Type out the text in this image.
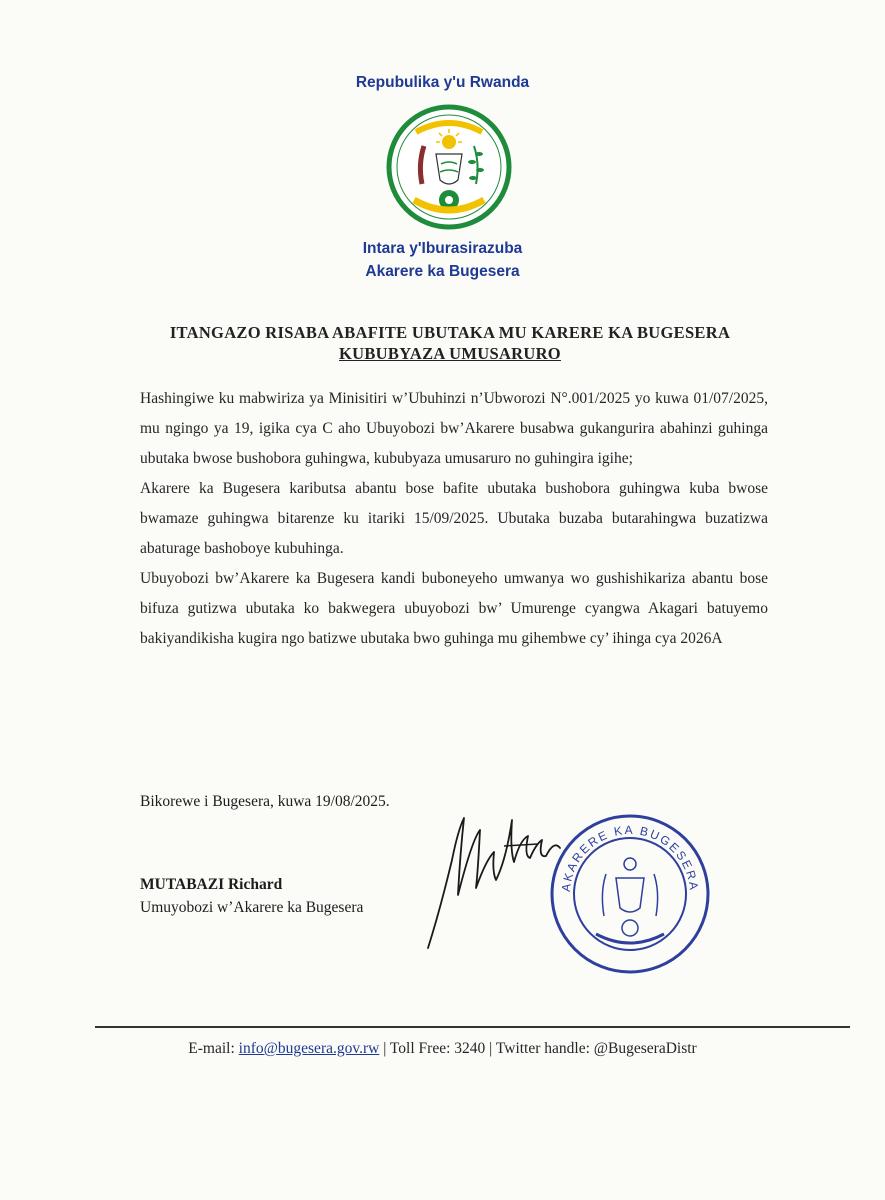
Repubulika y'u Rwanda
Intara y'Iburasirazuba
Akarere ka Bugesera
ITANGAZO RISABA ABAFITE UBUTAKA MU KARERE KA BUGESERA
KUBUBYAZA UMUSARURO

Hashingiwe ku mabwiriza ya Minisitiri w’Ubuhinzi n’Ubworozi N°.001/2025 yo kuwa 01/07/2025, mu ngingo ya 19, igika cya C aho Ubuyobozi bw’Akarere busabwa gukangurira abahinzi guhinga ubutaka bwose bushobora guhingwa, kububyaza umusaruro no guhingira igihe;

Akarere ka Bugesera kaributsa abantu bose bafite ubutaka bushobora guhingwa kuba bwose bwamaze guhingwa bitarenze ku itariki 15/09/2025. Ubutaka buzaba butarahingwa buzatizwa abaturage bashoboye kubuhinga.

Ubuyobozi bw’Akarere ka Bugesera kandi buboneyeho umwanya wo gushishikariza abantu bose bifuza gutizwa ubutaka ko bakwegera ubuyobozi bw’ Umurenge cyangwa Akagari batuyemo bakiyandikisha kugira ngo batizwe ubutaka bwo guhinga mu gihembwe cy’ ihinga cya 2026A

Bikorewe i Bugesera, kuwa 19/08/2025.
MUTABAZI Richard
Umuyobozi w’Akarere ka Bugesera
AKARERE KA BUGESERA
E-mail: info@bugesera.gov.rw | Toll Free: 3240 | Twitter handle: @BugeseraDistr
